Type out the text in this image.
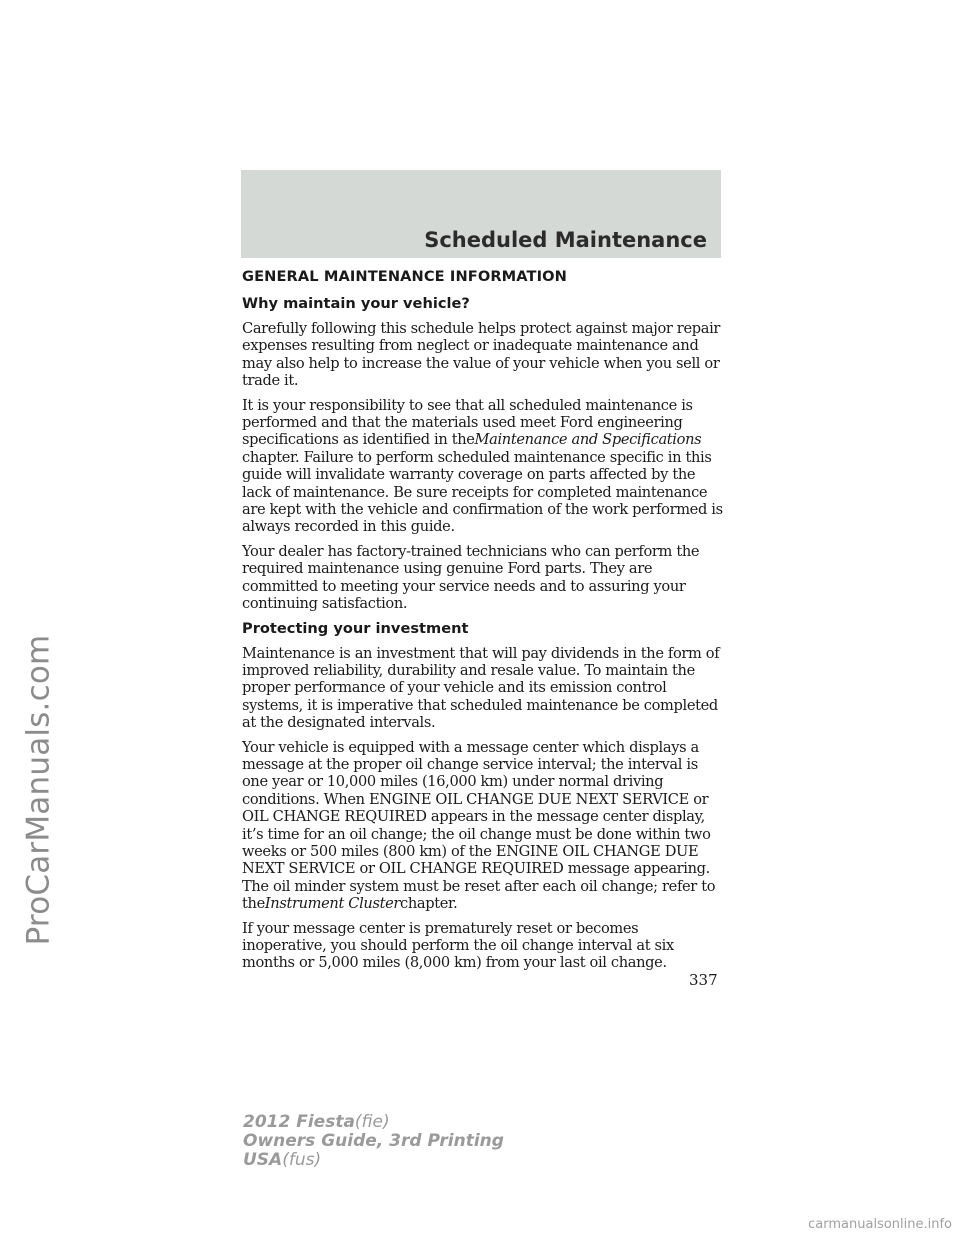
ProCarManuals.com
Scheduled Maintenance
GENERAL MAINTENANCE INFORMATION
Why maintain your vehicle?

Carefully following this schedule helps protect against major repair expenses resulting from neglect or inadequate maintenance and may also help to increase the value of your vehicle when you sell or trade it.

It is your responsibility to see that all scheduled maintenance is performed and that the materials used meet Ford engineering specifications as identified in theMaintenance and Specifications chapter. Failure to perform scheduled maintenance specific in this guide will invalidate warranty coverage on parts affected by the lack of maintenance. Be sure receipts for completed maintenance are kept with the vehicle and confirmation of the work performed is always recorded in this guide.

Your dealer has factory-trained technicians who can perform the required maintenance using genuine Ford parts. They are committed to meeting your service needs and to assuring your continuing satisfaction.

Protecting your investment

Maintenance is an investment that will pay dividends in the form of improved reliability, durability and resale value. To maintain the proper performance of your vehicle and its emission control systems, it is imperative that scheduled maintenance be completed at the designated intervals.

Your vehicle is equipped with a message center which displays a message at the proper oil change service interval; the interval is one year or 10,000 miles (16,000 km) under normal driving conditions. When ENGINE OIL CHANGE DUE NEXT SERVICE or OIL CHANGE REQUIRED appears in the message center display, it’s time for an oil change; the oil change must be done within two weeks or 500 miles (800 km) of the ENGINE OIL CHANGE DUE NEXT SERVICE or OIL CHANGE REQUIRED message appearing. The oil minder system must be reset after each oil change; refer to theInstrument Clusterchapter.

If your message center is prematurely reset or becomes inoperative, you should perform the oil change interval at six months or 5,000 miles (8,000 km) from your last oil change.

337
2012 Fiesta(fie)
Owners Guide, 3rd Printing
USA(fus)
carmanualsonline.info
